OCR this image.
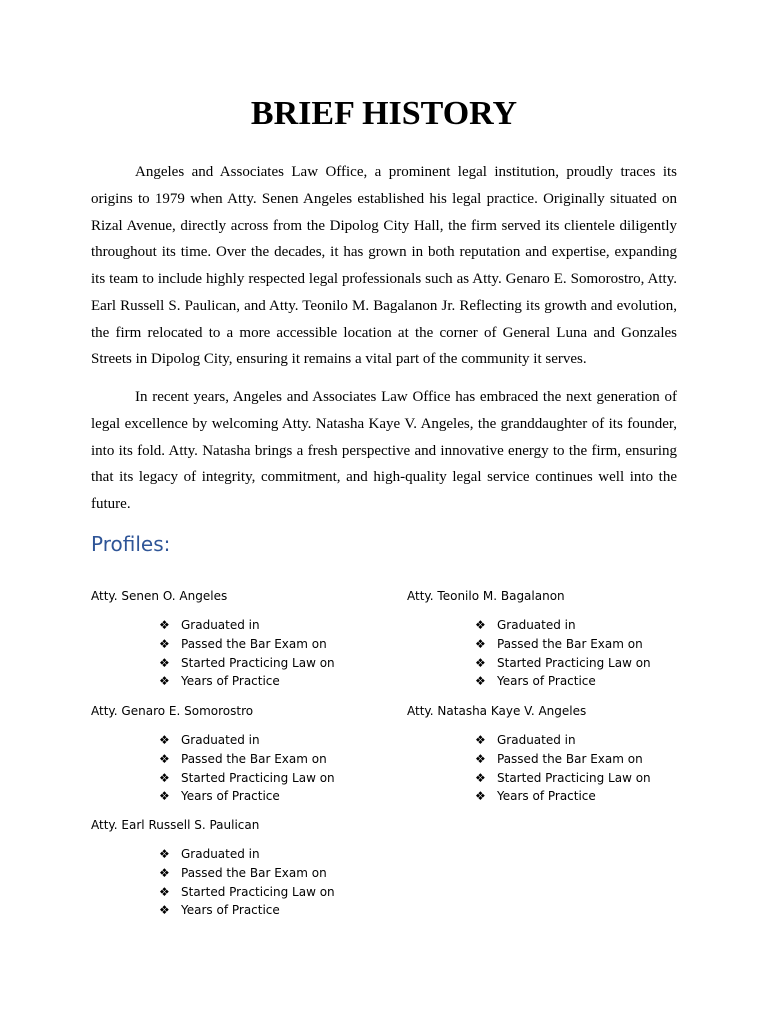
BRIEF HISTORY

Angeles and Associates Law Office, a prominent legal institution, proudly traces its origins to 1979 when Atty. Senen Angeles established his legal practice. Originally situated on Rizal Avenue, directly across from the Dipolog City Hall, the firm served its clientele diligently throughout its time. Over the decades, it has grown in both reputation and expertise, expanding its team to include highly respected legal professionals such as Atty. Genaro E. Somorostro, Atty. Earl Russell S. Paulican, and Atty. Teonilo M. Bagalanon Jr. Reflecting its growth and evolution, the firm relocated to a more accessible location at the corner of General Luna and Gonzales Streets in Dipolog City, ensuring it remains a vital part of the community it serves.

In recent years, Angeles and Associates Law Office has embraced the next generation of legal excellence by welcoming Atty. Natasha Kaye V. Angeles, the granddaughter of its founder, into its fold. Atty. Natasha brings a fresh perspective and innovative energy to the firm, ensuring that its legacy of integrity, commitment, and high-quality legal service continues well into the future.

Profiles:

Atty. Senen O. Angeles

❖ Graduated in
❖ Passed the Bar Exam on
❖ Started Practicing Law on
❖ Years of Practice

Atty. Genaro E. Somorostro

❖ Graduated in
❖ Passed the Bar Exam on
❖ Started Practicing Law on
❖ Years of Practice

Atty. Earl Russell S. Paulican

❖ Graduated in
❖ Passed the Bar Exam on
❖ Started Practicing Law on
❖ Years of Practice

Atty. Teonilo M. Bagalanon

❖ Graduated in
❖ Passed the Bar Exam on
❖ Started Practicing Law on
❖ Years of Practice

Atty. Natasha Kaye V. Angeles

❖ Graduated in
❖ Passed the Bar Exam on
❖ Started Practicing Law on
❖ Years of Practice
